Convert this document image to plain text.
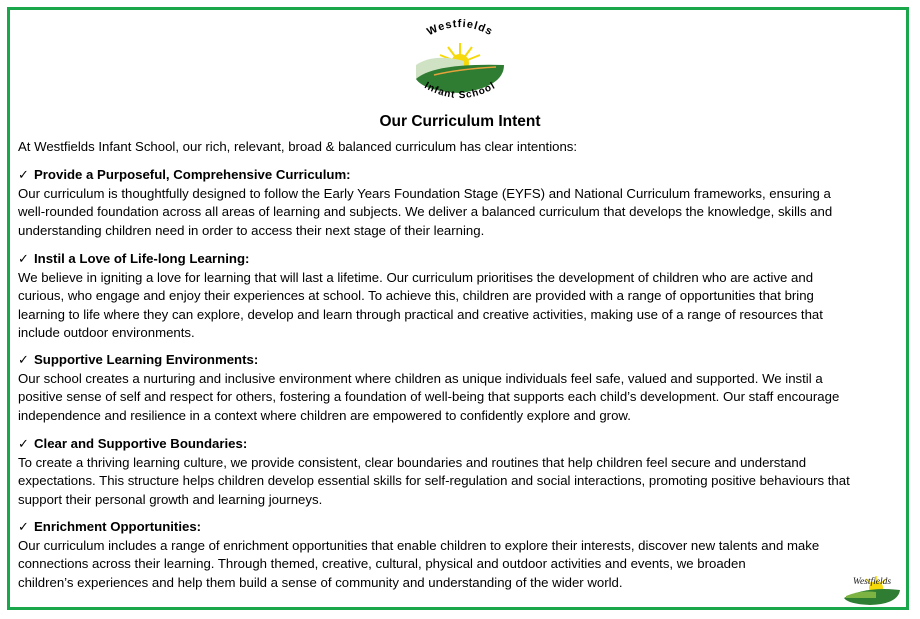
Westfields
Infant School
Our Curriculum Intent
At Westfields Infant School, our rich, relevant, broad & balanced curriculum has clear intentions:
✓ Provide a Purposeful, Comprehensive Curriculum:
Our curriculum is thoughtfully designed to follow the Early Years Foundation Stage (EYFS) and National Curriculum frameworks, ensuring a
well-rounded foundation across all areas of learning and subjects. We deliver a balanced curriculum that develops the knowledge, skills and
understanding children need in order to access their next stage of their learning.
✓ Instil a Love of Life-long Learning:
We believe in igniting a love for learning that will last a lifetime. Our curriculum prioritises the development of children who are active and
curious, who engage and enjoy their experiences at school. To achieve this, children are provided with a range of opportunities that bring
learning to life where they can explore, develop and learn through practical and creative activities, making use of a range of resources that
include outdoor environments.
✓ Supportive Learning Environments:
Our school creates a nurturing and inclusive environment where children as unique individuals feel safe, valued and supported. We instil a
positive sense of self and respect for others, fostering a foundation of well-being that supports each child’s development. Our staff encourage
independence and resilience in a context where children are empowered to confidently explore and grow.
✓ Clear and Supportive Boundaries:
To create a thriving learning culture, we provide consistent, clear boundaries and routines that help children feel secure and understand
expectations. This structure helps children develop essential skills for self-regulation and social interactions, promoting positive behaviours that
support their personal growth and learning journeys.
✓ Enrichment Opportunities:
Our curriculum includes a range of enrichment opportunities that enable children to explore their interests, discover new talents and make
connections across their learning. Through themed, creative, cultural, physical and outdoor activities and events, we broaden
children’s experiences and help them build a sense of community and understanding of the wider world.	Westfields
